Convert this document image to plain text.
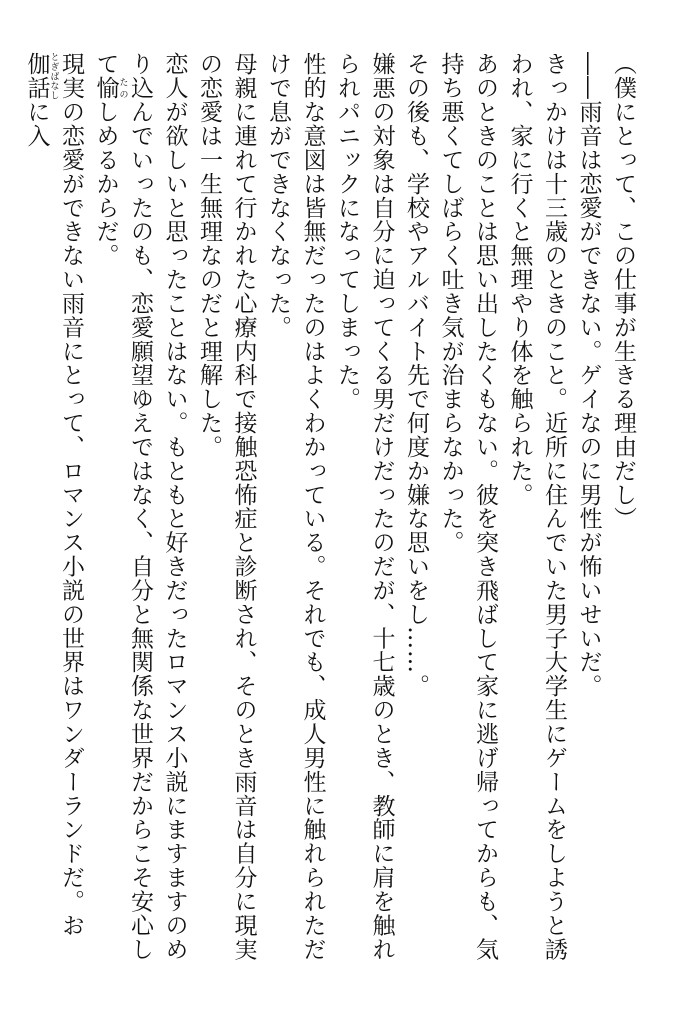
（僕にとって、この仕事が生きる理由だし）

――雨音は恋愛ができない。ゲイなのに男性が怖いせいだ。

きっかけは十三歳のときのこと。近所に住んでいた男子大学生にゲームをしようと誘われ、家に行くと無理やり体を触られた。

あのときのことは思い出したくもない。彼を突き飛ばして家に逃げ帰ってからも、気持ち悪くてしばらく吐き気が治まらなかった。

その後も、学校やアルバイト先で何度か嫌な思いをし……。

嫌悪の対象は自分に迫ってくる男だけだったのだが、十七歳のとき、教師に肩を触れられパニックになってしまった。

性的な意図は皆無だったのはよくわかっている。それでも、成人男性に触れられただけで息ができなくなった。

母親に連れて行かれた心療内科で接触恐怖症と診断され、そのとき雨音は自分に現実の恋愛は一生無理なのだと理解した。

恋人が欲しいと思ったことはない。もともと好きだったロマンス小説にますますのめり込んでいったのも、恋愛願望ゆえではなく、自分と無関係な世界だからこそ安心して愉 たのしめるからだ。

現実の恋愛ができない雨音にとって、ロマンス小説の世界はワンダーランドだ。お伽話 とぎばなしに入
